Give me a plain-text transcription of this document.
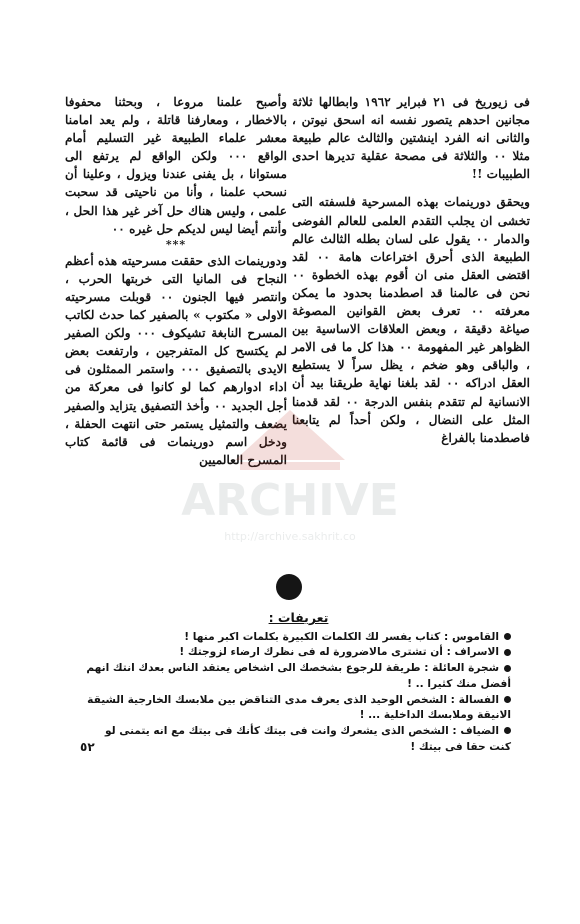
فى زيوريخ فى ٢١ فبراير ١٩٦٢ وابطالها ثلاثة مجانين احدهم يتصور نفسه انه اسحق نيوتن ، والثانى انه الفرد اينشتين والثالث عالم طبيعة مثلا ٠٠ والثلاثة فى مصحة عقلية تديرها احدى الطبيبات !!

ويحقق دورينمات بهذه المسرحية فلسفته التى تخشى ان يجلب التقدم العلمى للعالم الفوضى والدمار ٠٠ يقول على لسان بطله الثالث عالم الطبيعة الذى أحرق اختراعات هامة ٠٠ لقد اقتضى العقل منى ان أقوم بهذه الخطوة ٠٠ نحن فى عالمنا قد اصطدمنا بحدود ما يمكن معرفته ٠٠ تعرف بعض القوانين المصوغة صياغة دقيقة ، وبعض العلاقات الاساسية بين الظواهر غير المفهومة ٠٠ هذا كل ما فى الامر ، والباقى وهو ضخم ، يظل سراً لا يستطيع العقل ادراكه ٠٠ لقد بلغنا نهاية طريقنا بيد أن الانسانية لم تتقدم بنفس الدرجة ٠٠ لقد قدمنا المثل على النضال ، ولكن أحداً لم يتابعنا فاصطدمنا بالفراغ

وأصبح علمنا مروعا ، وبحثنا محفوفا بالاخطار ، ومعارفنا قاتلة ، ولم يعد امامنا معشر علماء الطبيعة غير التسليم أمام الواقع ٠٠٠ ولكن الواقع لم يرتفع الى مستوانا ، بل يفنى عندنا ويزول ، وعلينا أن نسحب علمنا ، وأنا من ناحيتى قد سحبت علمى ، وليس هناك حل آخر غير هذا الحل ، وأنتم أيضا ليس لديكم حل غيره ٠٠

***

ودورينمات الذى حققت مسرحيته هذه أعظم النجاح فى المانيا التى خربتها الحرب ، وانتصر فيها الجنون ٠٠ قوبلت مسرحيته الاولى « مكتوب » بالصفير كما حدث لكاتب المسرح النابغة تشيكوف ٠٠٠ ولكن الصفير لم يكتسح كل المتفرجين ، وارتفعت بعض الايدى بالتصفيق ٠٠٠ واستمر الممثلون فى اداء ادوارهم كما لو كانوا فى معركة من أجل الجديد ٠٠ وأخذ التصفيق يتزايد والصفير يضعف والتمثيل يستمر حتى انتهت الحفلة ، ودخل اسم دورينمات فى قائمة كتاب المسرح العالميين

تعريفات :

القاموس : كتاب يفسر لك الكلمات الكبيرة بكلمات اكبر منها !

الاسراف : أن تشترى مالاضرورة له فى نظرك ارضاء لزوجتك !

شجرة العائلة : طريقة للرجوع بشخصك الى اشخاص يعتقد الناس بعدك انتك انهم أفضل منك كثيرا .. !

الفسالة : الشخص الوحيد الذى يعرف مدى التناقض بين ملابسك الخارجية الشيقة الانيقة وملابسك الداخلية ... !

الضياف : الشخص الذى يشعرك وانت فى بيتك كأنك فى بيتك مع انه يتمنى لو كنت حقا فى بيتك !

٥٢
ARCHIVE
http://archive.sakhrit.co
